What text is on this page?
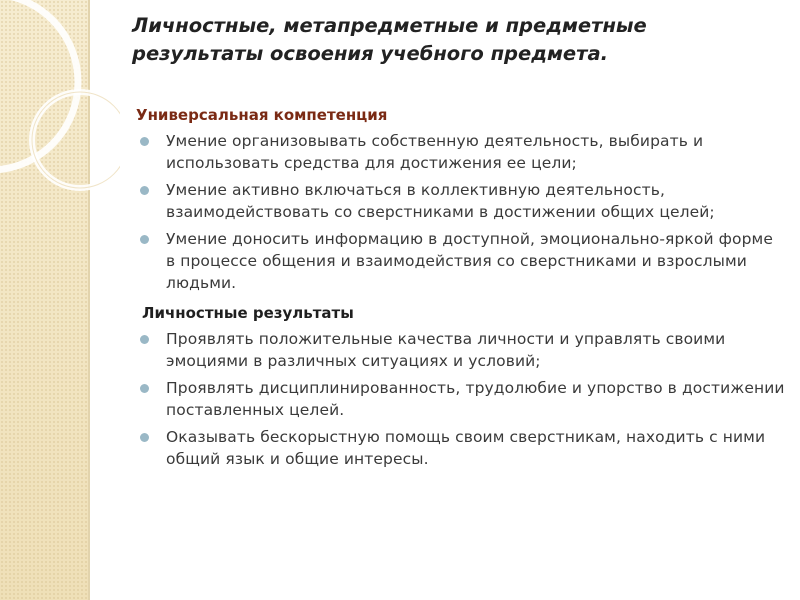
Личностные, метапредметные и предметные результаты освоения учебного предмета.
Универсальная компетенция
Умение организовывать собственную деятельность, выбирать и использовать средства для достижения ее цели;
Умение активно включаться в коллективную деятельность, взаимодействовать со сверстниками в достижении общих целей;
Умение доносить информацию в доступной, эмоционально-яркой форме в процессе общения и взаимодействия со сверстниками и взрослыми людьми.
Личностные результаты
Проявлять положительные качества личности и управлять своими эмоциями в различных ситуациях и условий;
Проявлять дисциплинированность, трудолюбие и упорство в достижении поставленных целей.
Оказывать бескорыстную помощь своим сверстникам, находить с ними общий язык и общие интересы.
